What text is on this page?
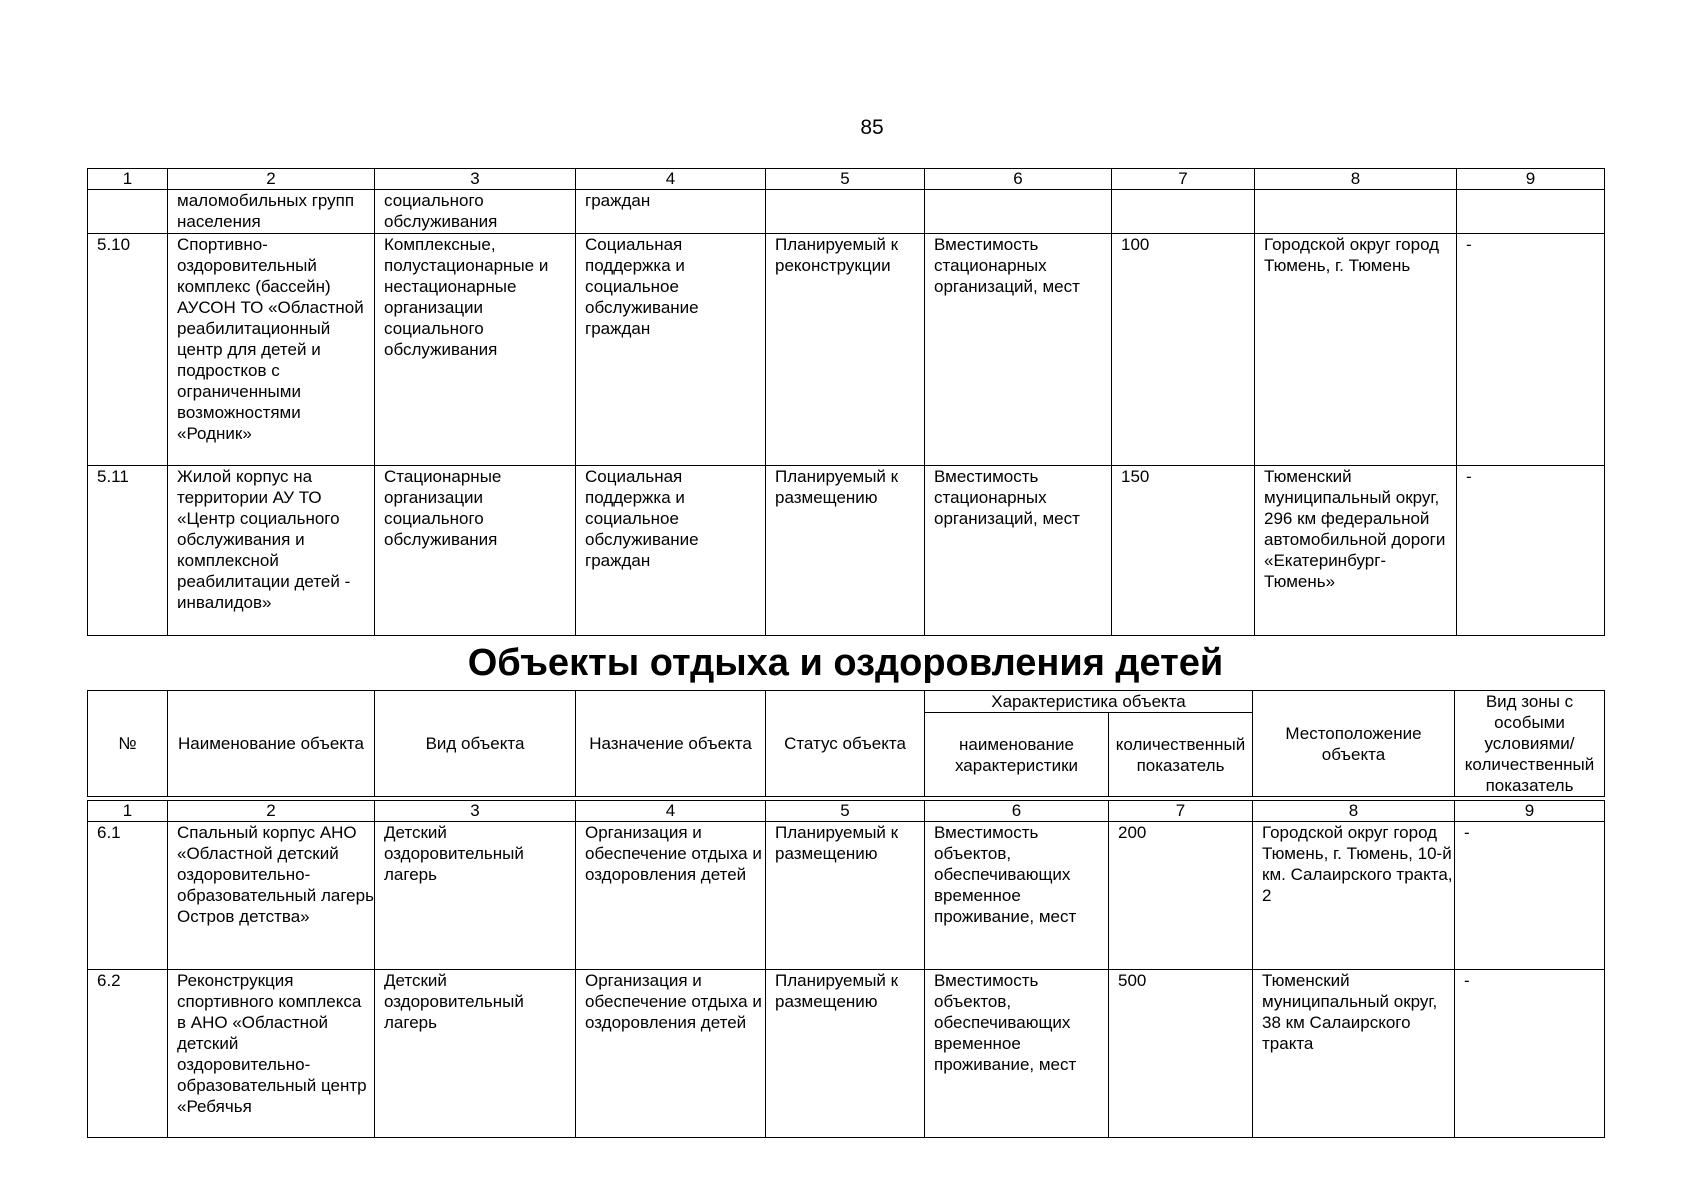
85
1	2	3	4	5	6	7	8	9
	маломобильных групп населения	социального обслуживания	граждан					
5.10	Спортивно-оздоровительный комплекс (бассейн) АУСОН ТО «Областной реабилитационный центр для детей и подростков с ограниченными возможностями «Родник»	Комплексные, полустационарные и нестационарные организации социального обслуживания	Социальная поддержка и социальное обслуживание граждан	Планируемый к реконструкции	Вместимость стационарных организаций, мест	100	Городской округ город Тюмень, г. Тюмень	-
5.11	Жилой корпус на территории АУ ТО «Центр социального обслуживания и комплексной реабилитации детей - инвалидов»	Стационарные организации социального обслуживания	Социальная поддержка и социальное обслуживание граждан	Планируемый к размещению	Вместимость стационарных организаций, мест	150	Тюменский муниципальный округ, 296 км федеральной автомобильной дороги «Екатеринбург-Тюмень»	-
Объекты отдыха и оздоровления детей
№	Наименование объекта	Вид объекта	Назначение объекта	Статус объекта	Характеристика объекта		Местоположение объекта	Вид зоны с особыми условиями/ количественный показатель
					наименование характеристики	количественный показатель		
1	2	3	4	5	6	7	8	9
6.1	Спальный корпус АНО «Областной детский оздоровительно-образовательный лагерь Остров детства»	Детский оздоровительный лагерь	Организация и обеспечение отдыха и оздоровления детей	Планируемый к размещению	Вместимость объектов, обеспечивающих временное проживание, мест	200	Городской округ город Тюмень, г. Тюмень, 10-й км. Салаирского тракта, 2	-
6.2	Реконструкция спортивного комплекса в АНО «Областной детский оздоровительно-образовательный центр «Ребячья	Детский оздоровительный лагерь	Организация и обеспечение отдыха и оздоровления детей	Планируемый к размещению	Вместимость объектов, обеспечивающих временное проживание, мест	500	Тюменский муниципальный округ, 38 км Салаирского тракта	-
